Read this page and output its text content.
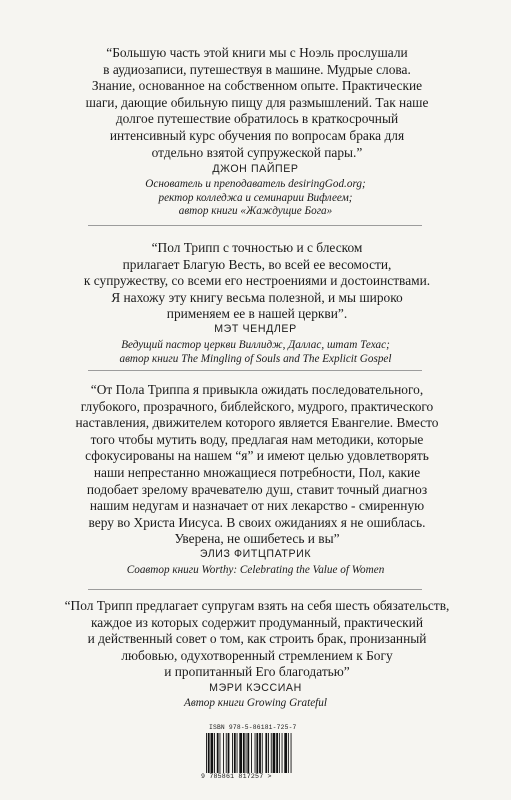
“Большую часть этой книги мы с Ноэль прослушали
в аудиозаписи, путешествуя в машине. Мудрые слова.
Знание, основанное на собственном опыте. Практические
шаги, дающие обильную пищу для размышлений. Так наше
долгое путешествие обратилось в краткосрочный
интенсивный курс обучения по вопросам брака для
отдельно взятой супружеской пары.”

ДЖОН ПАЙПЕР

Основатель и преподаватель desiringGod.org;
ректор колледжа и семинарии Вифлеем;
автор книги «Жаждущие Бога»

“Пол Трипп с точностью и с блеском
прилагает Благую Весть, во всей ее весомости,
к супружеству, со всеми его нестроениями и достоинствами.
Я нахожу эту книгу весьма полезной, и мы широко
применяем ее в нашей церкви”.

МЭТ ЧЕНДЛЕР

Ведущий пастор церкви Виллидж, Даллас, штат Техас;
автор книги The Mingling of Souls and The Explicit Gospel

“От Пола Триппа я привыкла ожидать последовательного,
глубокого, прозрачного, библейского, мудрого, практического
наставления, движителем которого является Евангелие. Вместо
того чтобы мутить воду, предлагая нам методики, которые
сфокусированы на нашем “я” и имеют целью удовлетворять
наши непрестанно множащиеся потребности, Пол, какие
подобает зрелому врачевателю душ, ставит точный диагноз
нашим недугам и назначает от них лекарство - смиренную
веру во Христа Иисуса. В своих ожиданиях я не ошиблась.
Уверена, не ошибетесь и вы”

ЭЛИЗ ФИТЦПАТРИК

Соавтор книги Worthy: Celebrating the Value of Women

“Пол Трипп предлагает супругам взять на себя шесть обязательств,
каждое из которых содержит продуманный, практический
и действенный совет о том, как строить брак, пронизанный
любовью, одухотворенный стремлением к Богу
и пропитанный Его благодатью”

МЭРИ КЭССИАН

Автор книги Growing Grateful

ISBN 978-5-86181-725-7
9 785861 817257 >
